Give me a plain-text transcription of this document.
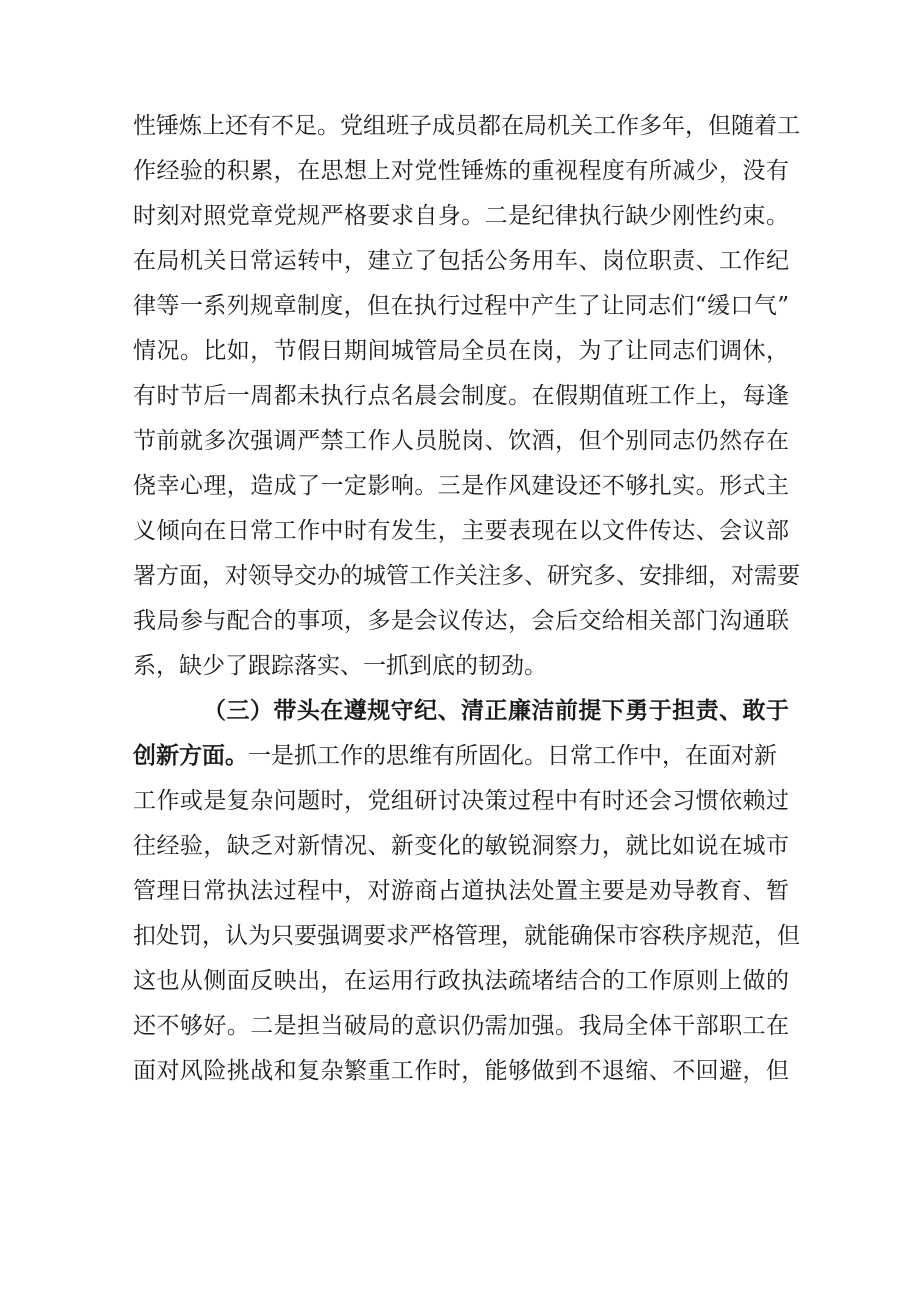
性锤炼上还有不足。党组班子成员都在局机关工作多年，但随着工
作经验的积累，在思想上对党性锤炼的重视程度有所减少，没有
时刻对照党章党规严格要求自身。二是纪律执行缺少刚性约束。
在局机关日常运转中，建立了包括公务用车、岗位职责、工作纪
律等一系列规章制度，但在执行过程中产生了让同志们“缓口气”
情况。比如，节假日期间城管局全员在岗，为了让同志们调休，
有时节后一周都未执行点名晨会制度。在假期值班工作上，每逢
节前就多次强调严禁工作人员脱岗、饮酒，但个别同志仍然存在
侥幸心理，造成了一定影响。三是作风建设还不够扎实。形式主
义倾向在日常工作中时有发生，主要表现在以文件传达、会议部
署方面，对领导交办的城管工作关注多、研究多、安排细，对需要
我局参与配合的事项，多是会议传达，会后交给相关部门沟通联
系，缺少了跟踪落实、一抓到底的韧劲。
（三）带头在遵规守纪、清正廉洁前提下勇于担责、敢于
创新方面。一是抓工作的思维有所固化。日常工作中，在面对新
工作或是复杂问题时，党组研讨决策过程中有时还会习惯依赖过
往经验，缺乏对新情况、新变化的敏锐洞察力，就比如说在城市
管理日常执法过程中，对游商占道执法处置主要是劝导教育、暂
扣处罚，认为只要强调要求严格管理，就能确保市容秩序规范，但
这也从侧面反映出，在运用行政执法疏堵结合的工作原则上做的
还不够好。二是担当破局的意识仍需加强。我局全体干部职工在
面对风险挑战和复杂繁重工作时，能够做到不退缩、不回避，但
